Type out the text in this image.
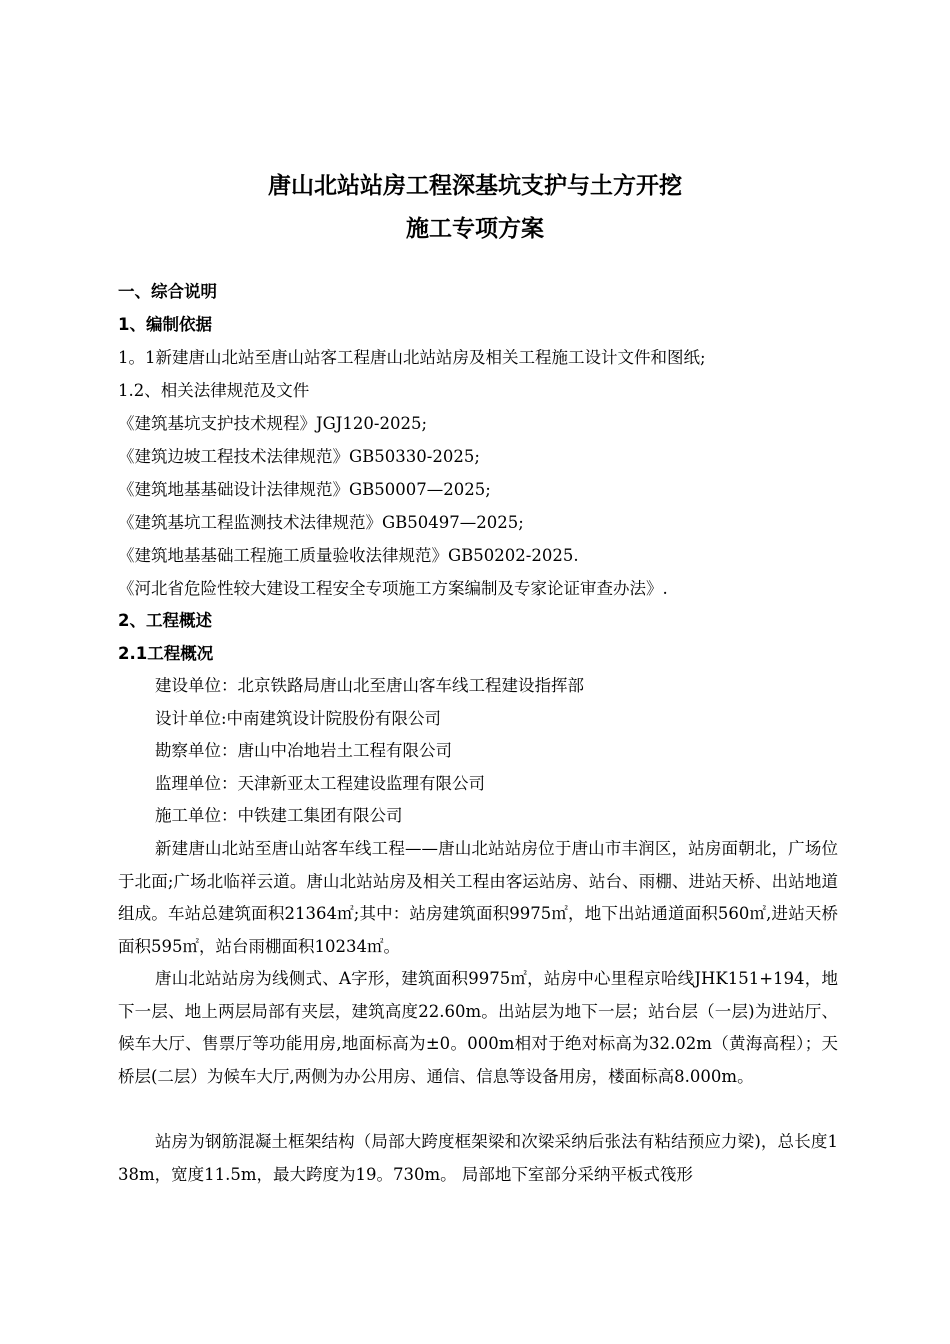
唐山北站站房工程深基坑支护与土方开挖
施工专项方案
一、综合说明
1、编制依据
1。1新建唐山北站至唐山站客工程唐山北站站房及相关工程施工设计文件和图纸;
1.2、相关法律规范及文件
《建筑基坑支护技术规程》JGJ120-2025;
《建筑边坡工程技术法律规范》GB50330-2025;
《建筑地基基础设计法律规范》GB50007—2025;
《建筑基坑工程监测技术法律规范》GB50497—2025;
《建筑地基基础工程施工质量验收法律规范》GB50202-2025.
《河北省危险性较大建设工程安全专项施工方案编制及专家论证审查办法》.
2、工程概述
2.1工程概况
建设单位：北京铁路局唐山北至唐山客车线工程建设指挥部
设计单位:中南建筑设计院股份有限公司
勘察单位：唐山中冶地岩土工程有限公司
监理单位：天津新亚太工程建设监理有限公司
施工单位：中铁建工集团有限公司
新建唐山北站至唐山站客车线工程——唐山北站站房位于唐山市丰润区，站房面朝北，广场位于北面;广场北临祥云道。唐山北站站房及相关工程由客运站房、站台、雨棚、进站天桥、出站地道组成。车站总建筑面积21364㎡;其中：站房建筑面积9975㎡，地下出站通道面积560㎡,进站天桥面积595㎡，站台雨棚面积10234㎡。
唐山北站站房为线侧式、A字形，建筑面积9975㎡，站房中心里程京哈线JHK151+194，地下一层、地上两层局部有夹层，建筑高度22.60m。出站层为地下一层；站台层（一层)为进站厅、候车大厅、售票厅等功能用房,地面标高为±0。000m相对于绝对标高为32.02m（黄海高程）；天桥层(二层）为候车大厅,两侧为办公用房、通信、信息等设备用房，楼面标高8.000m。
站房为钢筋混凝土框架结构（局部大跨度框架梁和次梁采纳后张法有粘结预应力梁)，总长度138m，宽度11.5m，最大跨度为19。730m。 局部地下室部分采纳平板式筏形
